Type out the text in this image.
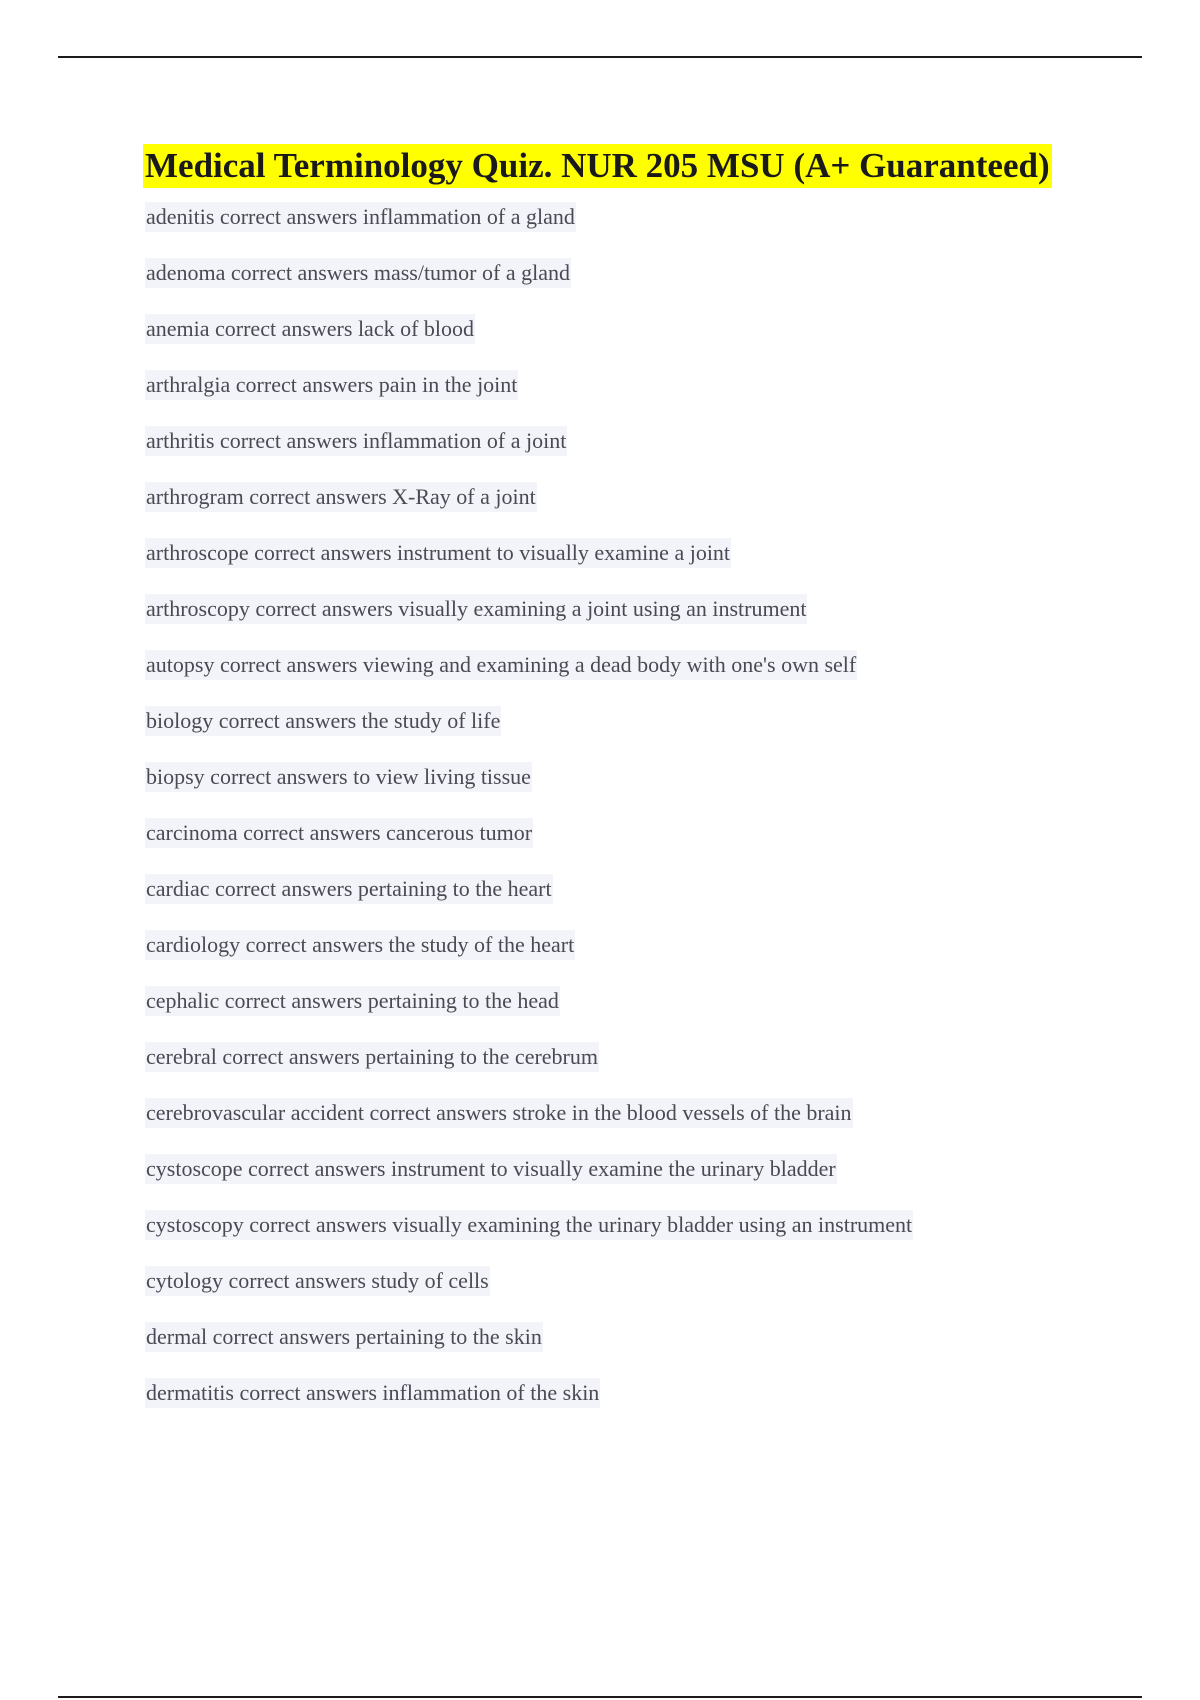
Medical Terminology Quiz. NUR 205 MSU (A+ Guaranteed)
adenitis correct answers inflammation of a gland
adenoma correct answers mass/tumor of a gland
anemia correct answers lack of blood
arthralgia correct answers pain in the joint
arthritis correct answers inflammation of a joint
arthrogram correct answers X-Ray of a joint
arthroscope correct answers instrument to visually examine a joint
arthroscopy correct answers visually examining a joint using an instrument
autopsy correct answers viewing and examining a dead body with one's own self
biology correct answers the study of life
biopsy correct answers to view living tissue
carcinoma correct answers cancerous tumor
cardiac correct answers pertaining to the heart
cardiology correct answers the study of the heart
cephalic correct answers pertaining to the head
cerebral correct answers pertaining to the cerebrum
cerebrovascular accident correct answers stroke in the blood vessels of the brain
cystoscope correct answers instrument to visually examine the urinary bladder
cystoscopy correct answers visually examining the urinary bladder using an instrument
cytology correct answers study of cells
dermal correct answers pertaining to the skin
dermatitis correct answers inflammation of the skin
